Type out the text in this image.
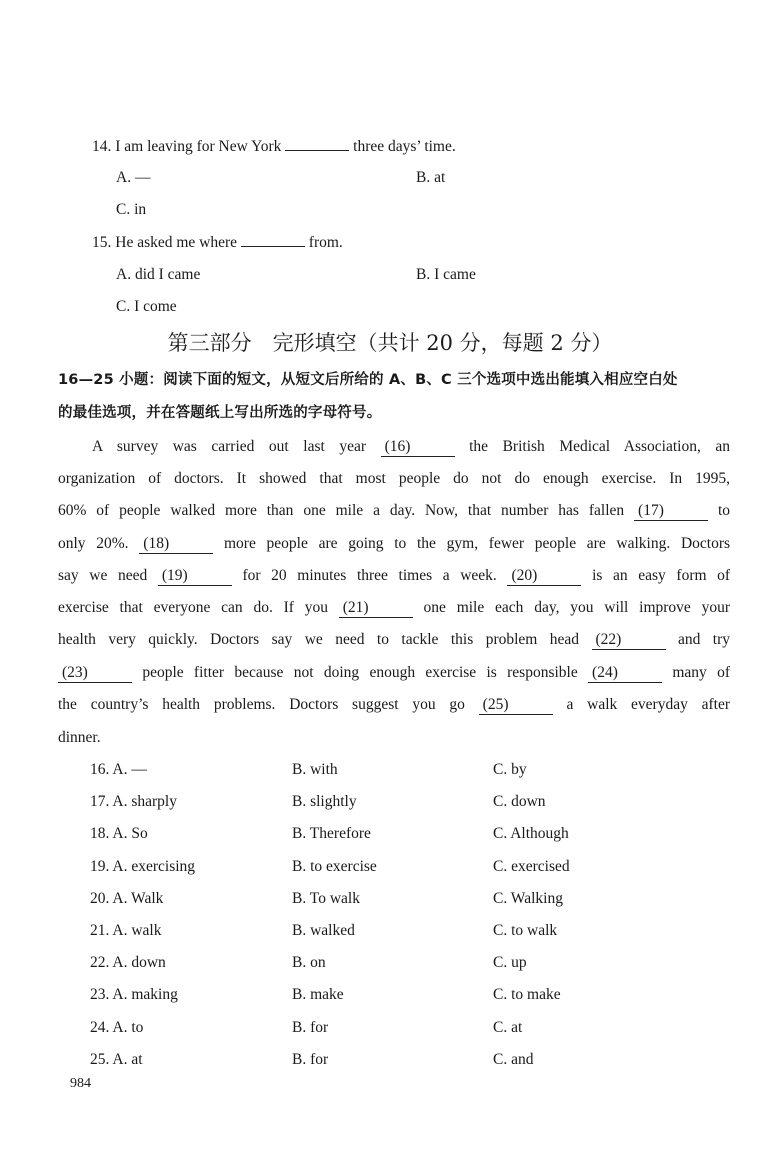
14. I am leaving for New York	three days’ time.
A. —	B. at
C. in
15. He asked me where	from.
A. did I came	B. I came
C. I come
第三部分　完形填空（共计 20 分，每题 2 分）
16—25 小题：阅读下面的短文，从短文后所给的 A、B、C 三个选项中选出能填入相应空白处
的最佳选项，并在答题纸上写出所选的字母符号。
A survey was carried out last year (16)	the British Medical Association, an
organization of doctors. It showed that most people do not do enough exercise. In 1995,
60% of people walked more than one mile a day. Now, that number has fallen (17)	to
only 20%. (18)	more people are going to the gym, fewer people are walking. Doctors
say we need (19)	for 20 minutes three times a week. (20)	is an easy form of
exercise that everyone can do. If you (21)	one mile each day, you will improve your
health very quickly. Doctors say we need to tackle this problem head (22)	and try
(23)	people fitter because not doing enough exercise is responsible (24)	many of
the country’s health problems. Doctors suggest you go (25)	a walk everyday after
dinner.
16. A. —	B. with	C. by
17. A. sharply	B. slightly	C. down
18. A. So	B. Therefore	C. Although
19. A. exercising	B. to exercise	C. exercised
20. A. Walk	B. To walk	C. Walking
21. A. walk	B. walked	C. to walk
22. A. down	B. on	C. up
23. A. making	B. make	C. to make
24. A. to	B. for	C. at
25. A. at	B. for	C. and
984
